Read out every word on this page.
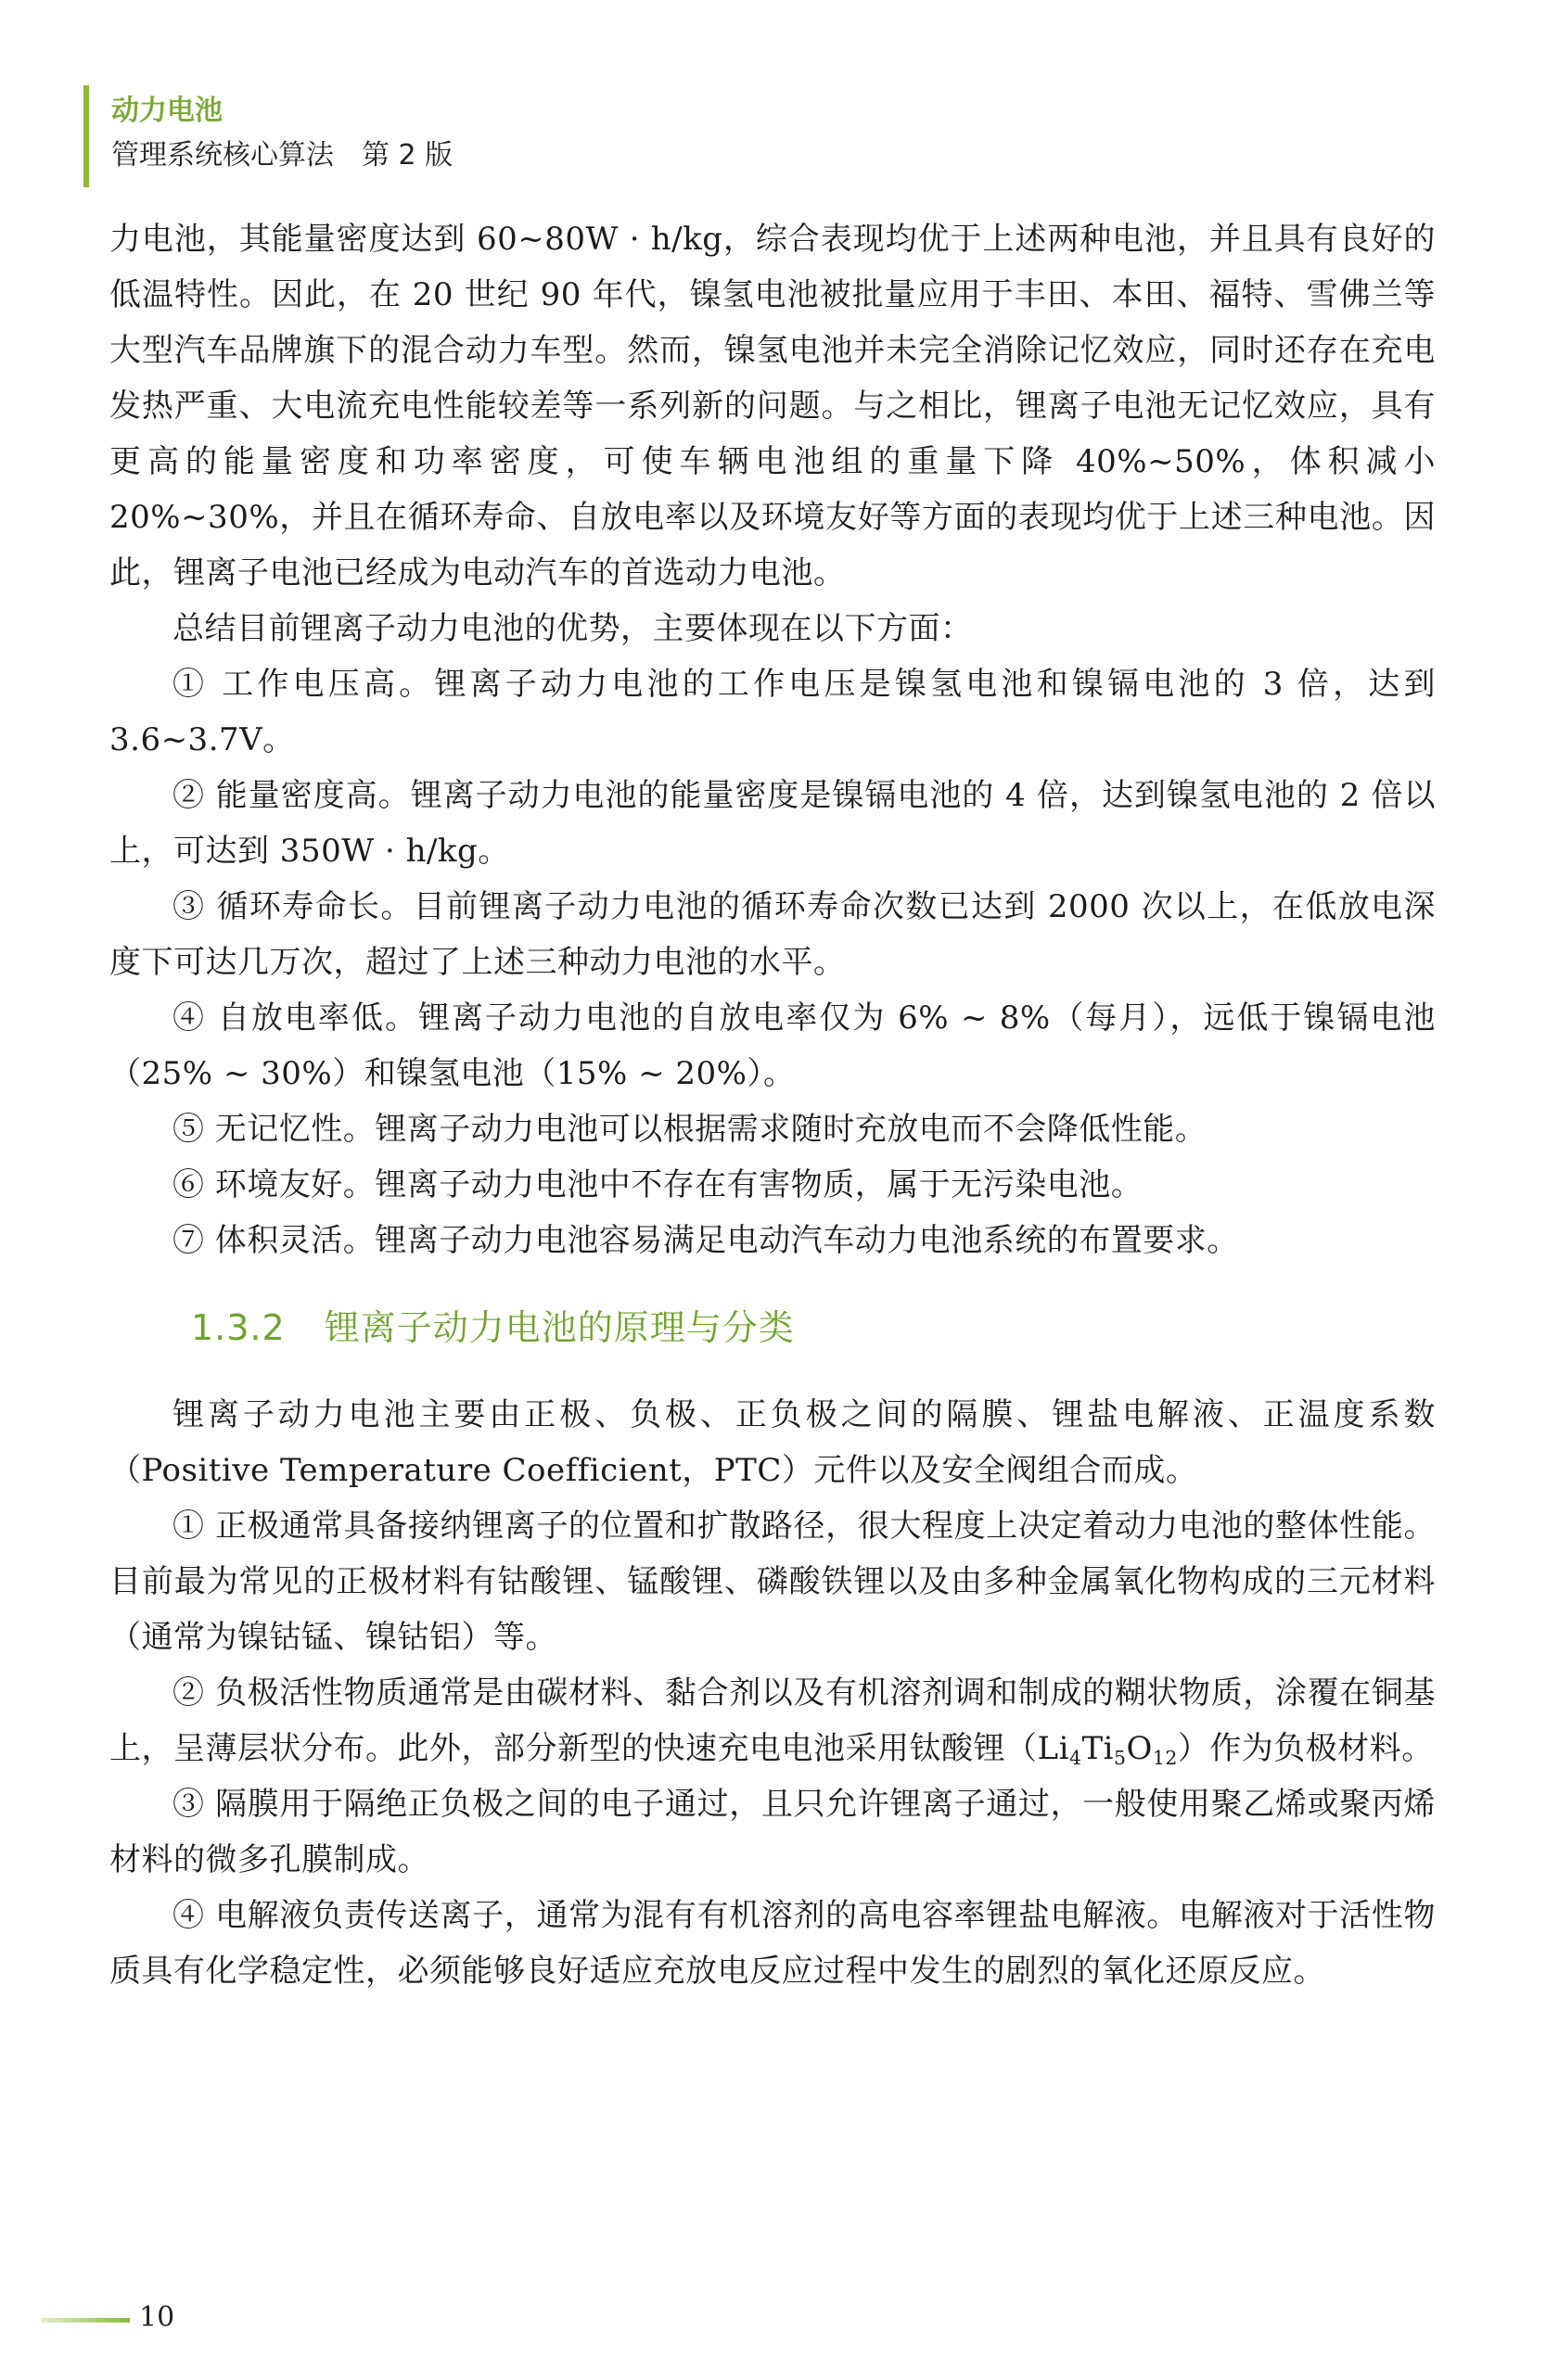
动力电池
管理系统核心算法　第 2 版

力电池，其能量密度达到 60~80W · h/kg，综合表现均优于上述两种电池，并且具有良好的低温特性。因此，在 20 世纪 90 年代，镍氢电池被批量应用于丰田、本田、福特、雪佛兰等大型汽车品牌旗下的混合动力车型。然而，镍氢电池并未完全消除记忆效应，同时还存在充电发热严重、大电流充电性能较差等一系列新的问题。与之相比，锂离子电池无记忆效应，具有更高的能量密度和功率密度，可使车辆电池组的重量下降 40%~50%，体积减小 20%~30%，并且在循环寿命、自放电率以及环境友好等方面的表现均优于上述三种电池。因此，锂离子电池已经成为电动汽车的首选动力电池。

总结目前锂离子动力电池的优势，主要体现在以下方面：

① 工作电压高。锂离子动力电池的工作电压是镍氢电池和镍镉电池的 3 倍，达到 3.6~3.7V。

② 能量密度高。锂离子动力电池的能量密度是镍镉电池的 4 倍，达到镍氢电池的 2 倍以上，可达到 350W · h/kg。

③ 循环寿命长。目前锂离子动力电池的循环寿命次数已达到 2000 次以上，在低放电深度下可达几万次，超过了上述三种动力电池的水平。

④ 自放电率低。锂离子动力电池的自放电率仅为 6% ~ 8%（每月），远低于镍镉电池（25% ~ 30%）和镍氢电池（15% ~ 20%）。

⑤ 无记忆性。锂离子动力电池可以根据需求随时充放电而不会降低性能。

⑥ 环境友好。锂离子动力电池中不存在有害物质，属于无污染电池。

⑦ 体积灵活。锂离子动力电池容易满足电动汽车动力电池系统的布置要求。

1.3.2 锂离子动力电池的原理与分类

锂离子动力电池主要由正极、负极、正负极之间的隔膜、锂盐电解液、正温度系数（Positive Temperature Coefficient，PTC）元件以及安全阀组合而成。

① 正极通常具备接纳锂离子的位置和扩散路径，很大程度上决定着动力电池的整体性能。目前最为常见的正极材料有钴酸锂、锰酸锂、磷酸铁锂以及由多种金属氧化物构成的三元材料（通常为镍钴锰、镍钴铝）等。

② 负极活性物质通常是由碳材料、黏合剂以及有机溶剂调和制成的糊状物质，涂覆在铜基上，呈薄层状分布。此外，部分新型的快速充电电池采用钛酸锂$(Li_4Ti_5O_{12})$作为负极材料。

③ 隔膜用于隔绝正负极之间的电子通过，且只允许锂离子通过，一般使用聚乙烯或聚丙烯材料的微多孔膜制成。

④ 电解液负责传送离子，通常为混有有机溶剂的高电容率锂盐电解液。电解液对于活性物质具有化学稳定性，必须能够良好适应充放电反应过程中发生的剧烈的氧化还原反应。

10
